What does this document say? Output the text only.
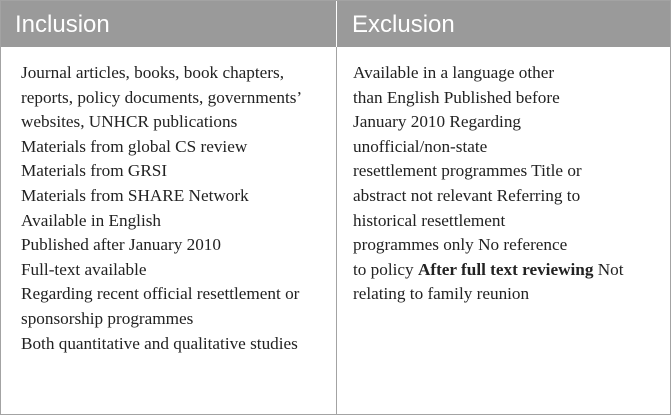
Inclusion	Exclusion
Journal articles, books, book chapters, reports, policy documents, governments’ websites, UNHCR publications
Materials from global CS review
Materials from GRSI
Materials from SHARE Network
Available in English
Published after January 2010
Full-text available
Regarding recent official resettlement or sponsorship programmes
Both quantitative and qualitative studies
Available in a language other
than English Published before
January 2010 Regarding
unofficial/non-state
resettlement programmes Title or
abstract not relevant Referring to
historical resettlement
programmes only No reference
to policy After full text reviewing Not
relating to family reunion
